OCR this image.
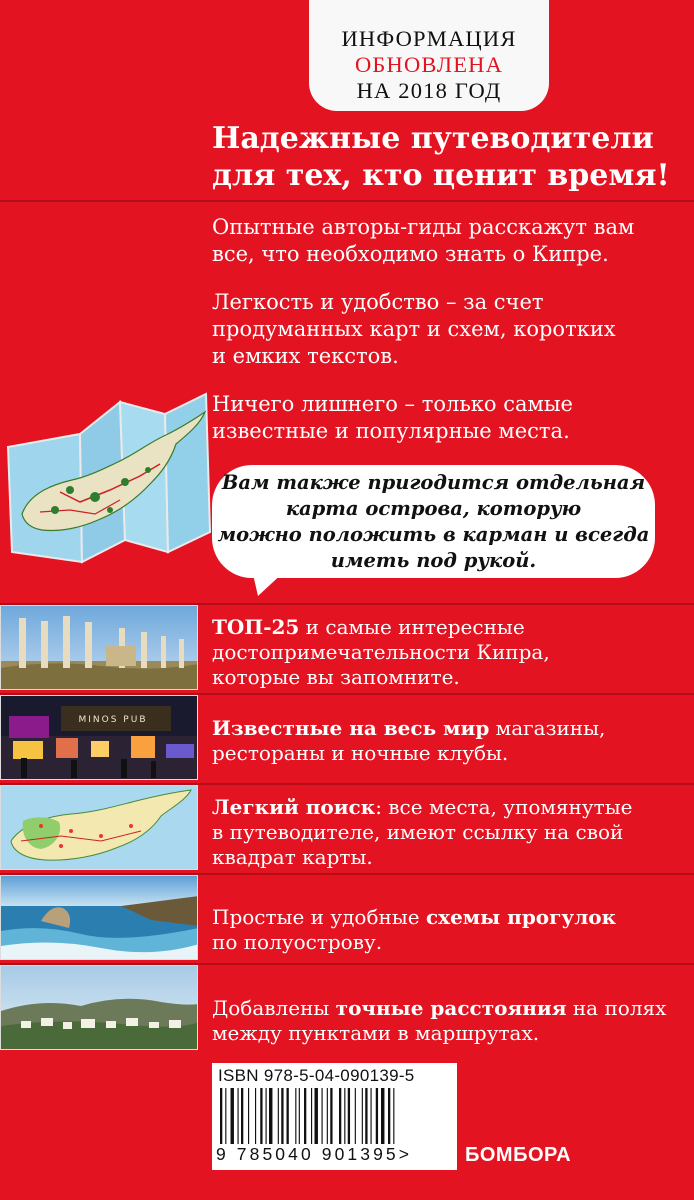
ИНФОРМАЦИЯ
ОБНОВЛЕНА
НА 2018 ГОД
Надежные путеводители
для тех, кто ценит время!
Опытные авторы-гиды расскажут вам
все, что необходимо знать о Кипре.
Легкость и удобство – за счет
продуманных карт и схем, коротких
и емких текстов.
Ничего лишнего – только самые
известные и популярные места.
Вам также пригодится отдельная
карта острова, которую
можно положить в карман и всегда
иметь под рукой.
ТОП-25 и самые интересные
достопримечательности Кипра,
которые вы запомните.
MINOS PUB	Известные на весь мир магазины,
рестораны и ночные клубы.
Легкий поиск: все места, упомянутые
в путеводителе, имеют ссылку на свой
квадрат карты.
Простые и удобные схемы прогулок
по полуострову.
Добавлены точные расстояния на полях
между пунктами в маршрутах.
ISBN 978-5-04-090139-5
9 785040 901395>	БОМБОРА
